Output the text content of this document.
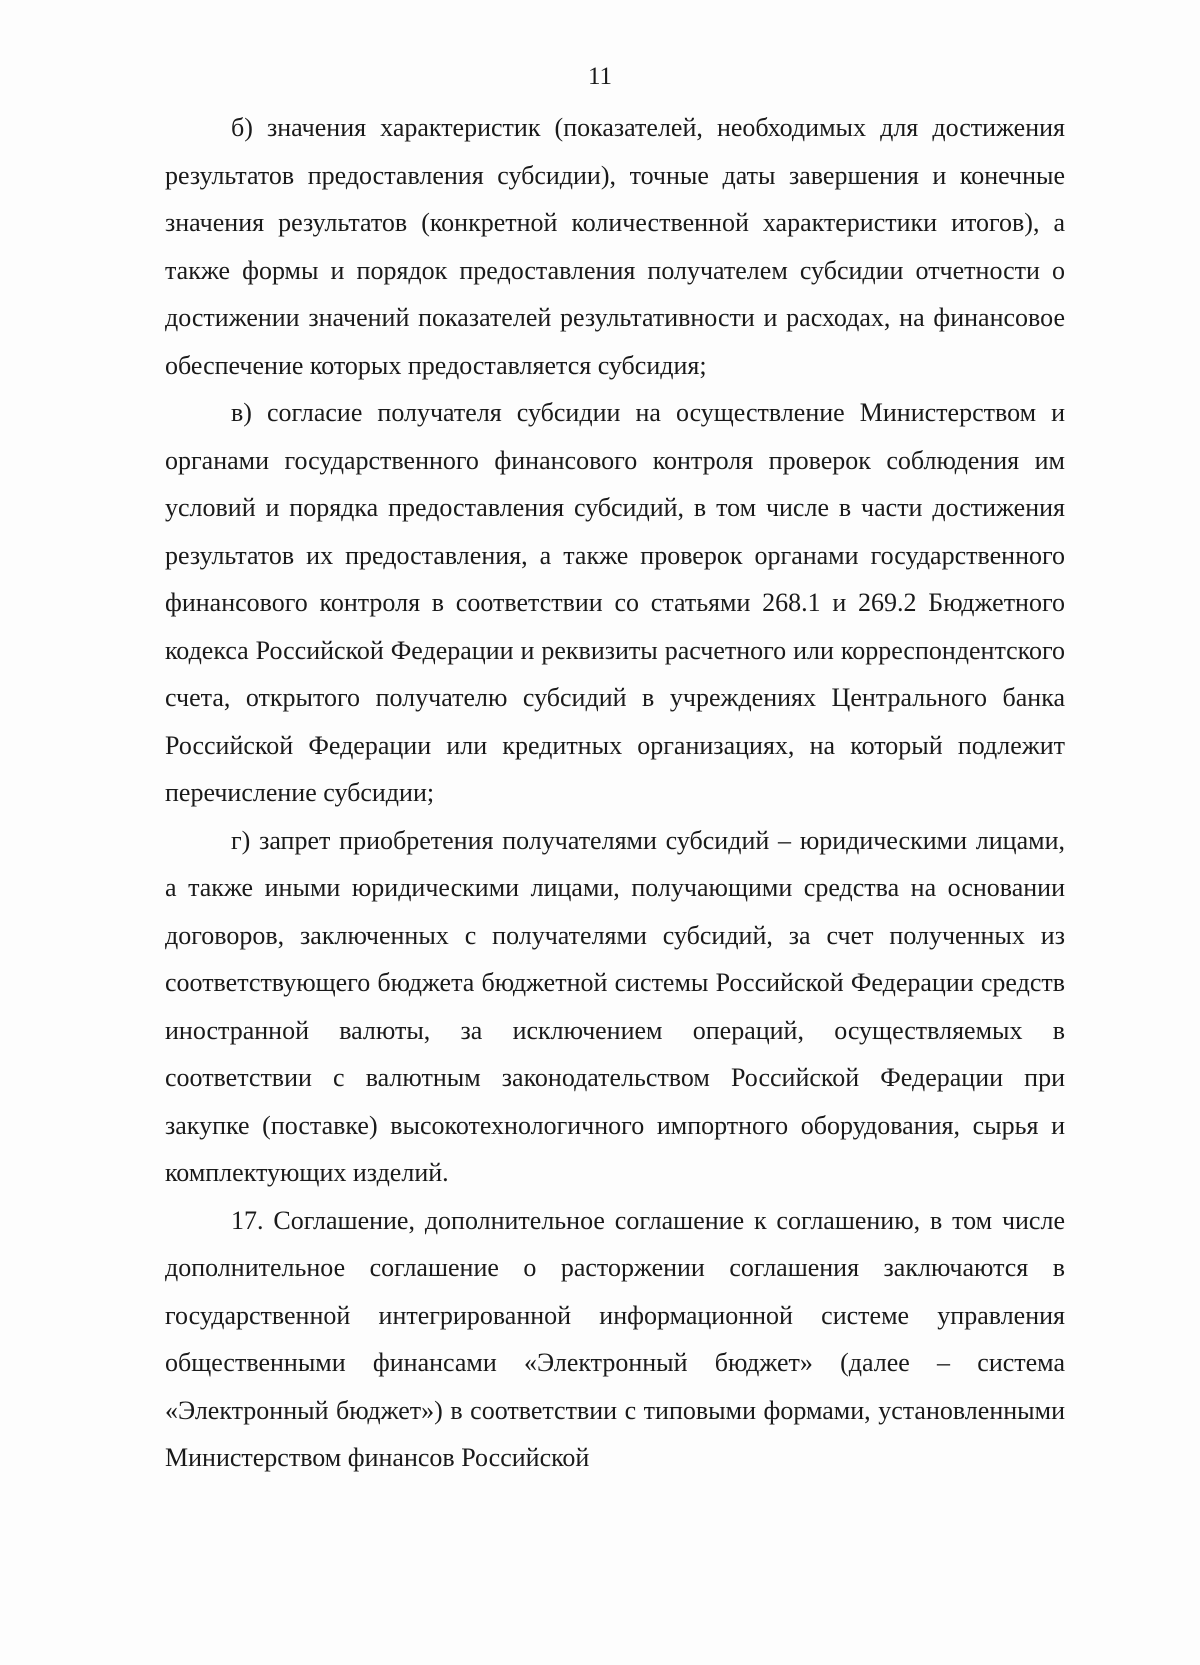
11

б) значения характеристик (показателей, необходимых для достижения результатов предоставления субсидии), точные даты завершения и конечные значения результатов (конкретной количественной характеристики итогов), а также формы и порядок предоставления получателем субсидии отчетности о достижении значений показателей результативности и расходах, на финансовое обеспечение которых предоставляется субсидия;

в) согласие получателя субсидии на осуществление Министерством и органами государственного финансового контроля проверок соблюдения им условий и порядка предоставления субсидий, в том числе в части достижения результатов их предоставления, а также проверок органами государственного финансового контроля в соответствии со статьями 268.1 и 269.2 Бюджетного кодекса Российской Федерации и реквизиты расчетного или корреспондентского счета, открытого получателю субсидий в учреждениях Центрального банка Российской Федерации или кредитных организациях, на который подлежит перечисление субсидии;

г) запрет приобретения получателями субсидий – юридическими лицами, а также иными юридическими лицами, получающими средства на основании договоров, заключенных с получателями субсидий, за счет полученных из соответствующего бюджета бюджетной системы Российской Федерации средств иностранной валюты, за исключением операций, осуществляемых в соответствии с валютным законодательством Российской Федерации при закупке (поставке) высокотехнологичного импортного оборудования, сырья и комплектующих изделий.

17. Соглашение, дополнительное соглашение к соглашению, в том числе дополнительное соглашение о расторжении соглашения заключаются в государственной интегрированной информационной системе управления общественными финансами «Электронный бюджет» (далее – система «Электронный бюджет») в соответствии с типовыми формами, установленными Министерством финансов Российской
